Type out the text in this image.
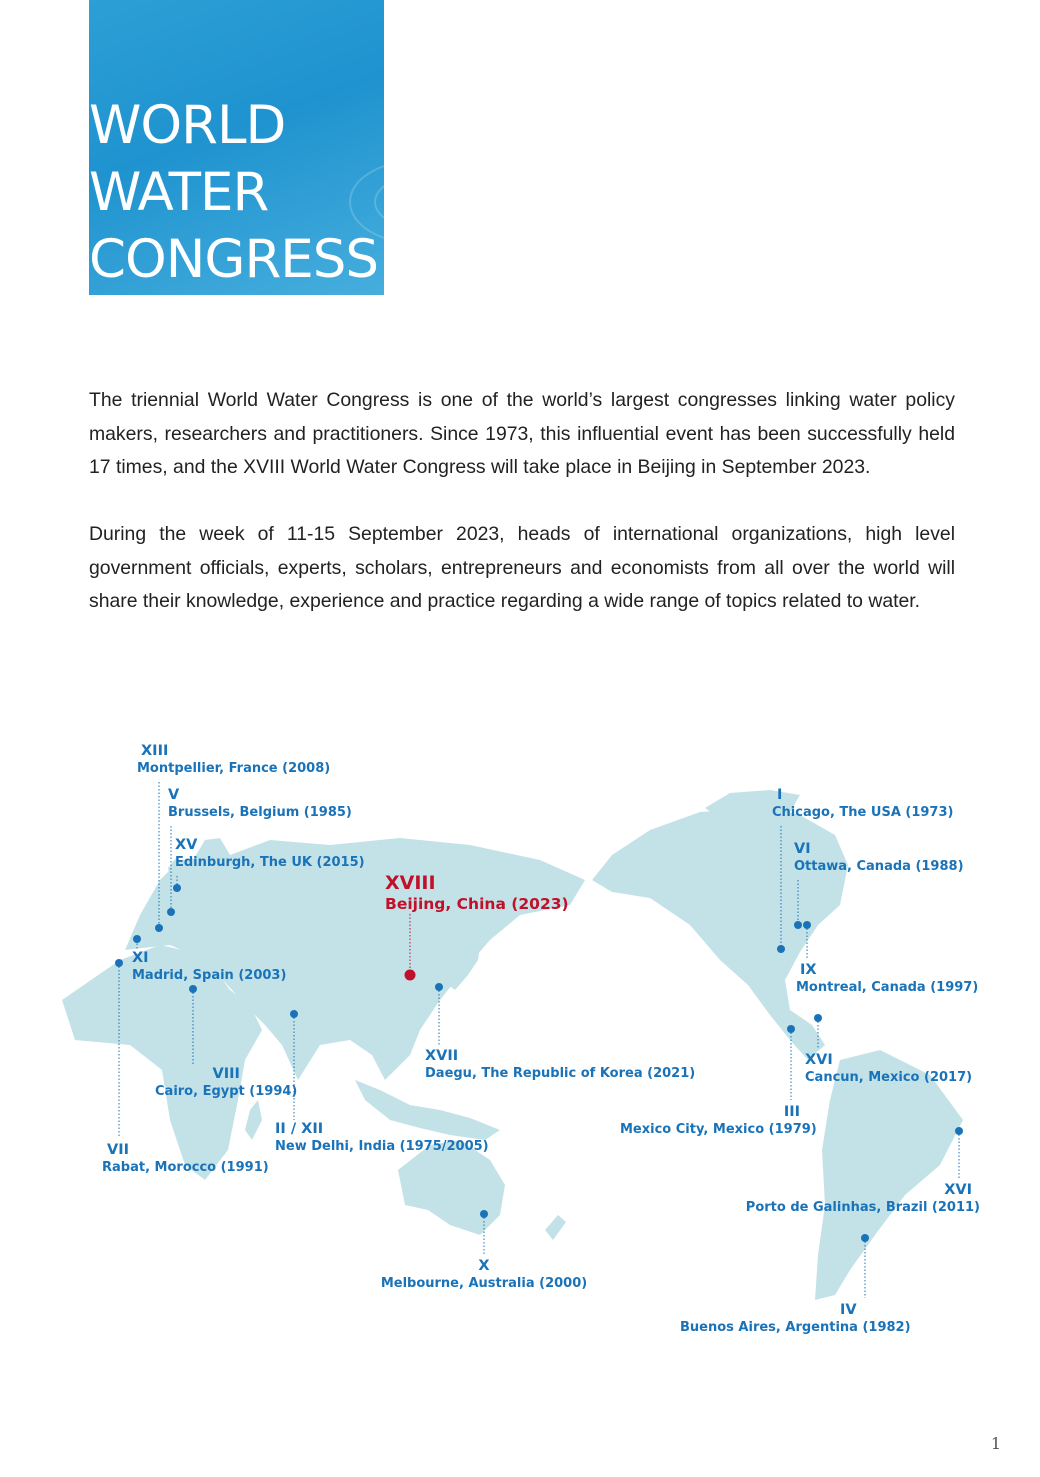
WORLD
WATER
CONGRESS

The triennial World Water Congress is one of the world’s largest congresses linking water policy makers, researchers and practitioners. Since 1973, this influential event has been successfully held 17 times, and the XVIII World Water Congress will take place in Beijing in September 2023.

During the week of 11-15 September 2023, heads of international organizations, high level government officials, experts, scholars, entrepreneurs and economists from all over the world will share their knowledge, experience and practice regarding a wide range of topics related to water.

XIII
Montpellier, France (2008)
V
Brussels, Belgium (1985)
XV
Edinburgh, The UK (2015)
XI
Madrid, Spain (2003)
VIII
Cairo, Egypt (1994)
VII
Rabat, Morocco (1991)
II / XII
New Delhi, India (1975/2005)
XVIII
Beijing, China (2023)
XVII
Daegu, The Republic of Korea (2021)
X
Melbourne, Australia (2000)
I
Chicago, The USA (1973)
VI
Ottawa, Canada (1988)
IX
Montreal, Canada (1997)
XVI
Cancun, Mexico (2017)
III
Mexico City, Mexico (1979)
XVI
Porto de Galinhas, Brazil (2011)
IV
Buenos Aires, Argentina (1982)
1
